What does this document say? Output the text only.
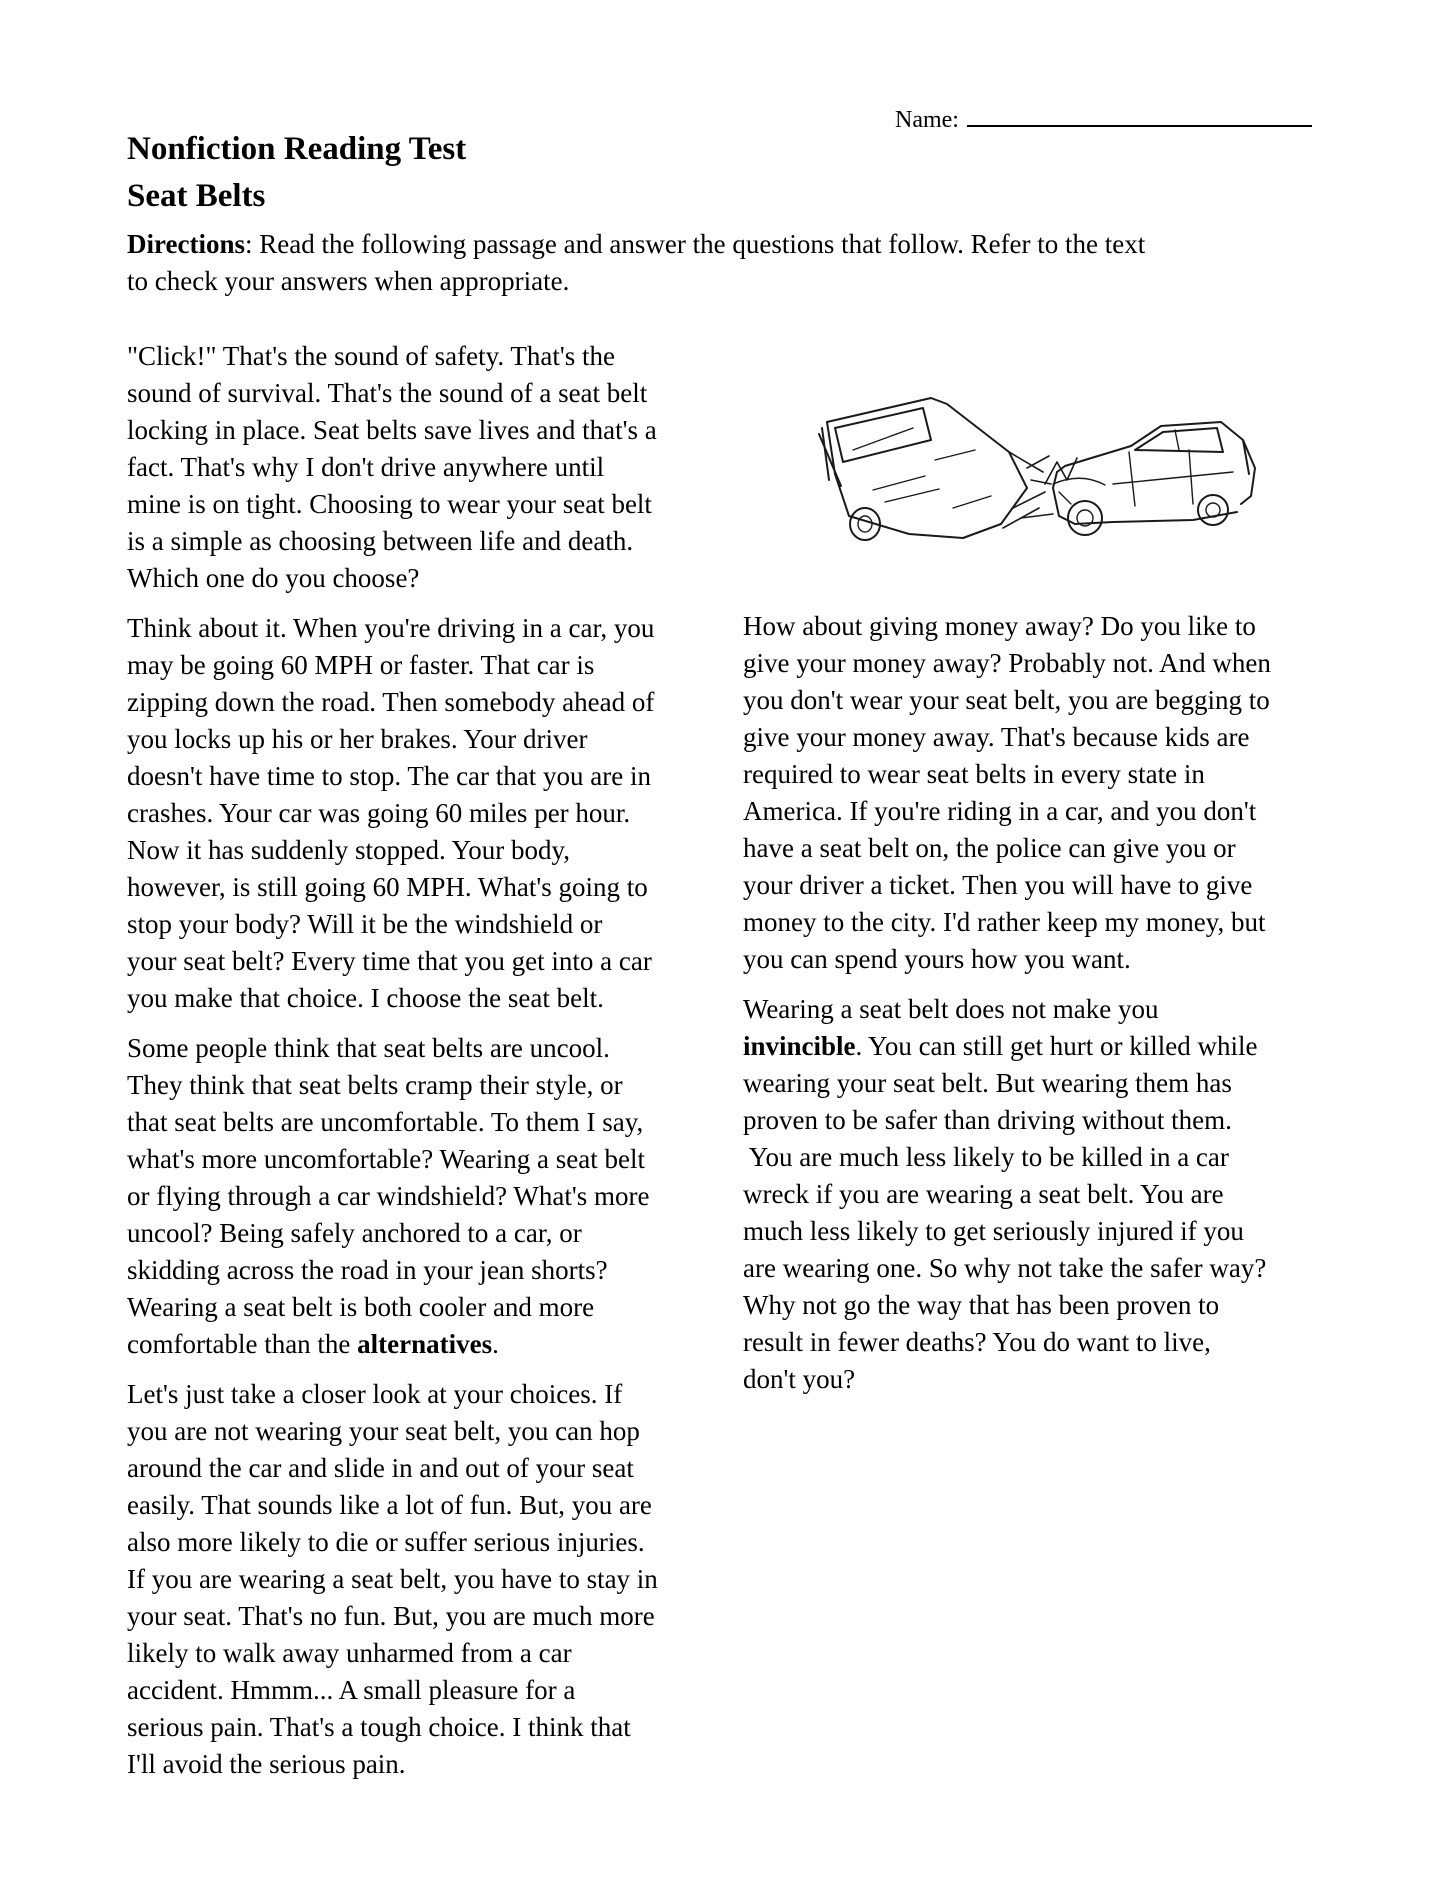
Name:
Nonfiction Reading Test
Seat Belts
Directions: Read the following passage and answer the questions that follow. Refer to the text
to check your answers when appropriate.
"Click!" That's the sound of safety. That's the
sound of survival. That's the sound of a seat belt
locking in place. Seat belts save lives and that's a
fact. That's why I don't drive anywhere until
mine is on tight. Choosing to wear your seat belt
is a simple as choosing between life and death.
Which one do you choose?
Think about it. When you're driving in a car, you
may be going 60 MPH or faster. That car is
zipping down the road. Then somebody ahead of
you locks up his or her brakes. Your driver
doesn't have time to stop. The car that you are in
crashes. Your car was going 60 miles per hour.
Now it has suddenly stopped. Your body,
however, is still going 60 MPH. What's going to
stop your body? Will it be the windshield or
your seat belt? Every time that you get into a car
you make that choice. I choose the seat belt.
Some people think that seat belts are uncool.
They think that seat belts cramp their style, or
that seat belts are uncomfortable. To them I say,
what's more uncomfortable? Wearing a seat belt
or flying through a car windshield? What's more
uncool? Being safely anchored to a car, or
skidding across the road in your jean shorts?
Wearing a seat belt is both cooler and more
comfortable than the alternatives.
Let's just take a closer look at your choices. If
you are not wearing your seat belt, you can hop
around the car and slide in and out of your seat
easily. That sounds like a lot of fun. But, you are
also more likely to die or suffer serious injuries.
If you are wearing a seat belt, you have to stay in
your seat. That's no fun. But, you are much more
likely to walk away unharmed from a car
accident. Hmmm... A small pleasure for a
serious pain. That's a tough choice. I think that
I'll avoid the serious pain.
How about giving money away? Do you like to
give your money away? Probably not. And when
you don't wear your seat belt, you are begging to
give your money away. That's because kids are
required to wear seat belts in every state in
America. If you're riding in a car, and you don't
have a seat belt on, the police can give you or
your driver a ticket. Then you will have to give
money to the city. I'd rather keep my money, but
you can spend yours how you want.
Wearing a seat belt does not make you
invincible. You can still get hurt or killed while
wearing your seat belt. But wearing them has
proven to be safer than driving without them.
You are much less likely to be killed in a car
wreck if you are wearing a seat belt. You are
much less likely to get seriously injured if you
are wearing one. So why not take the safer way?
Why not go the way that has been proven to
result in fewer deaths? You do want to live,
don't you?
